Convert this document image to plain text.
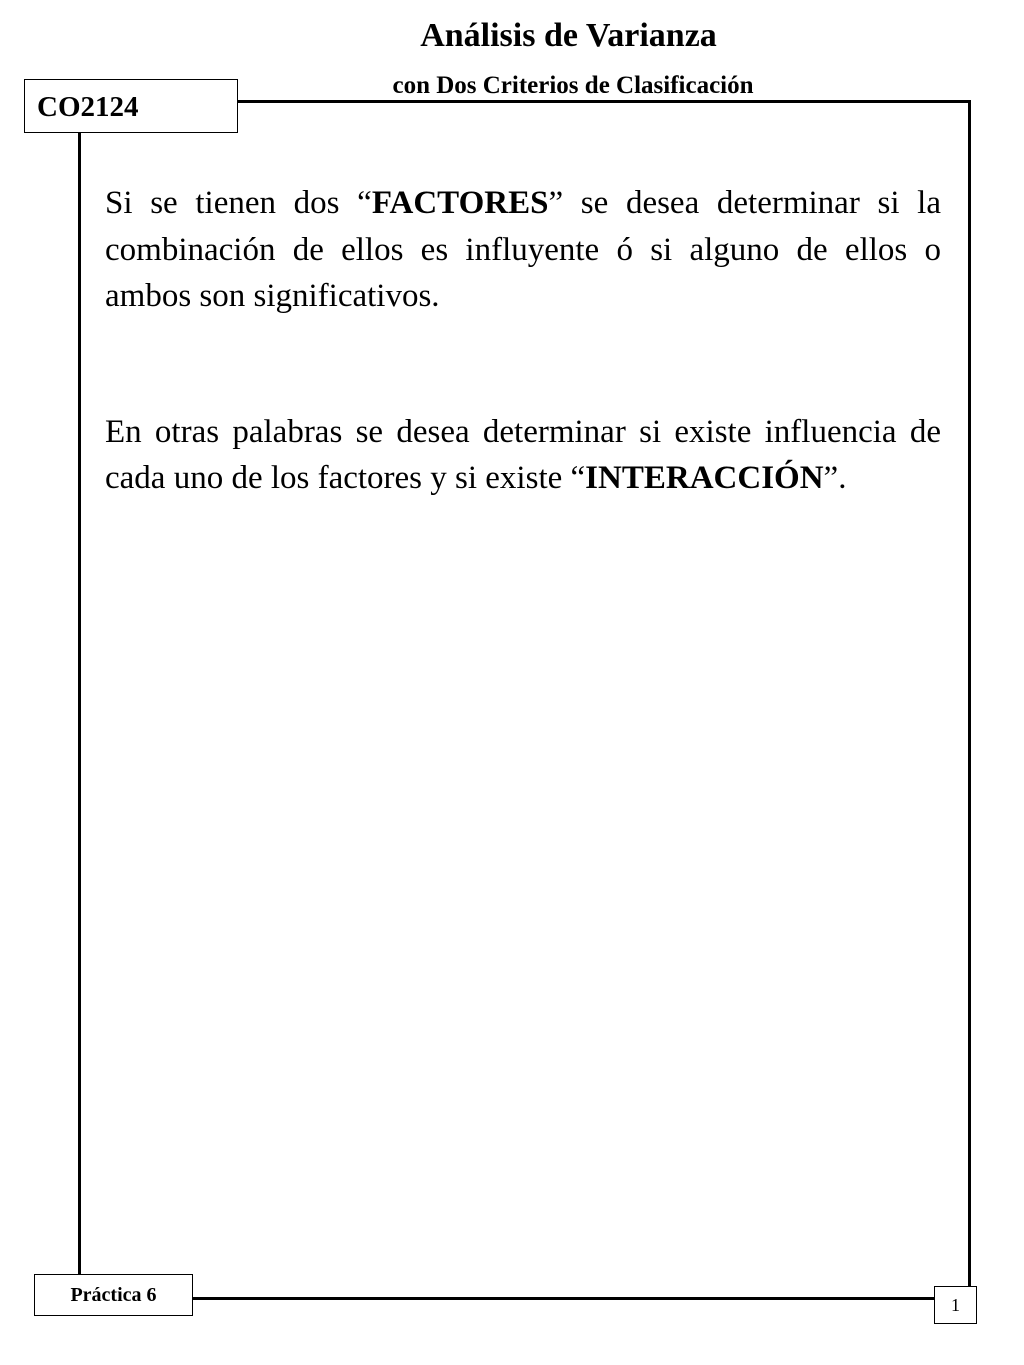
Análisis de Varianza
con Dos Criterios de Clasificación
CO2124

Si se tienen dos “FACTORES” se desea determinar si la combinación de ellos es influyente ó si alguno de ellos o ambos son significativos.

En otras palabras se desea determinar si existe influencia de cada uno de los factores y si existe “INTERACCIÓN”.

Práctica 6	1
